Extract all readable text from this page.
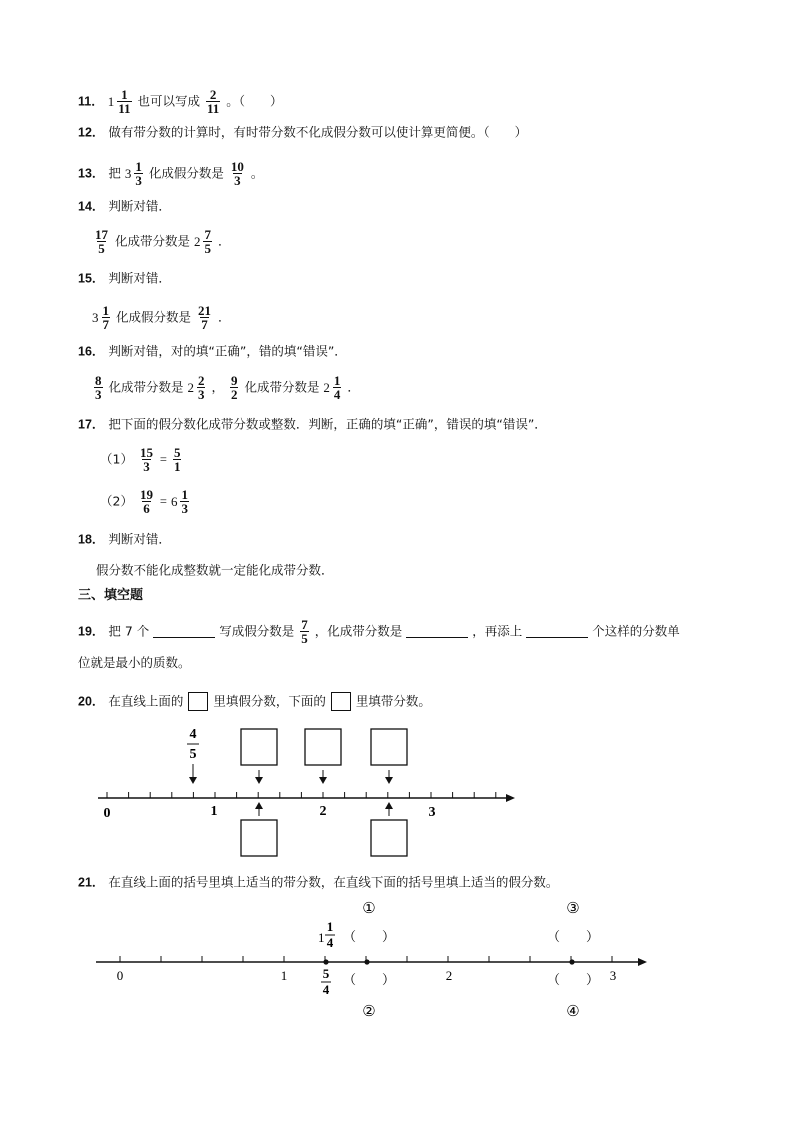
11． $1 \frac{1}{11}$ 也可以写成 $\frac{2}{11}$ 。（　　）
12． 做有带分数的计算时，有时带分数不化成假分数可以使计算更简便。（　　）
13． 把 $3 \frac{1}{3}$ 化成假分数是 $\frac{10}{3}$ 。
14． 判断对错．
$\frac{17}{5}$ 化成带分数是 $2 \frac{7}{5}$ ．
15． 判断对错．
$3 \frac{1}{7}$ 化成假分数是 $\frac{21}{7}$ ．
16． 判断对错，对的填“正确”，错的填“错误”．
$\frac{8}{3}$ 化成带分数是 $2 \frac{2}{3}$ ， $\frac{9}{2}$ 化成带分数是 $2 \frac{1}{4}$ ．
17． 把下面的假分数化成带分数或整数．判断，正确的填“正确”，错误的填“错误”．
$(1) \frac{15}{3} = \frac{5}{1}$
$(2) \frac{19}{6} = 6 \frac{1}{3}$
18． 判断对错．
假分数不能化成整数就一定能化成带分数．
三、填空题
19． 把 7 个	写成假分数是 $\frac{7}{5}$ ，化成带分数是	，再添上	个这样的分数单
位就是最小的质数。
20． 在直线上面的 里填假分数，下面的 里填带分数。
4
5
0	1	2	3
21． 在直线上面的括号里填上适当的带分数，在直线下面的括号里填上适当的假分数。
①	③
1
1
4 （　　）	（　　）
0	1	2	3
5
4
（　　）	（　　）
②	④
